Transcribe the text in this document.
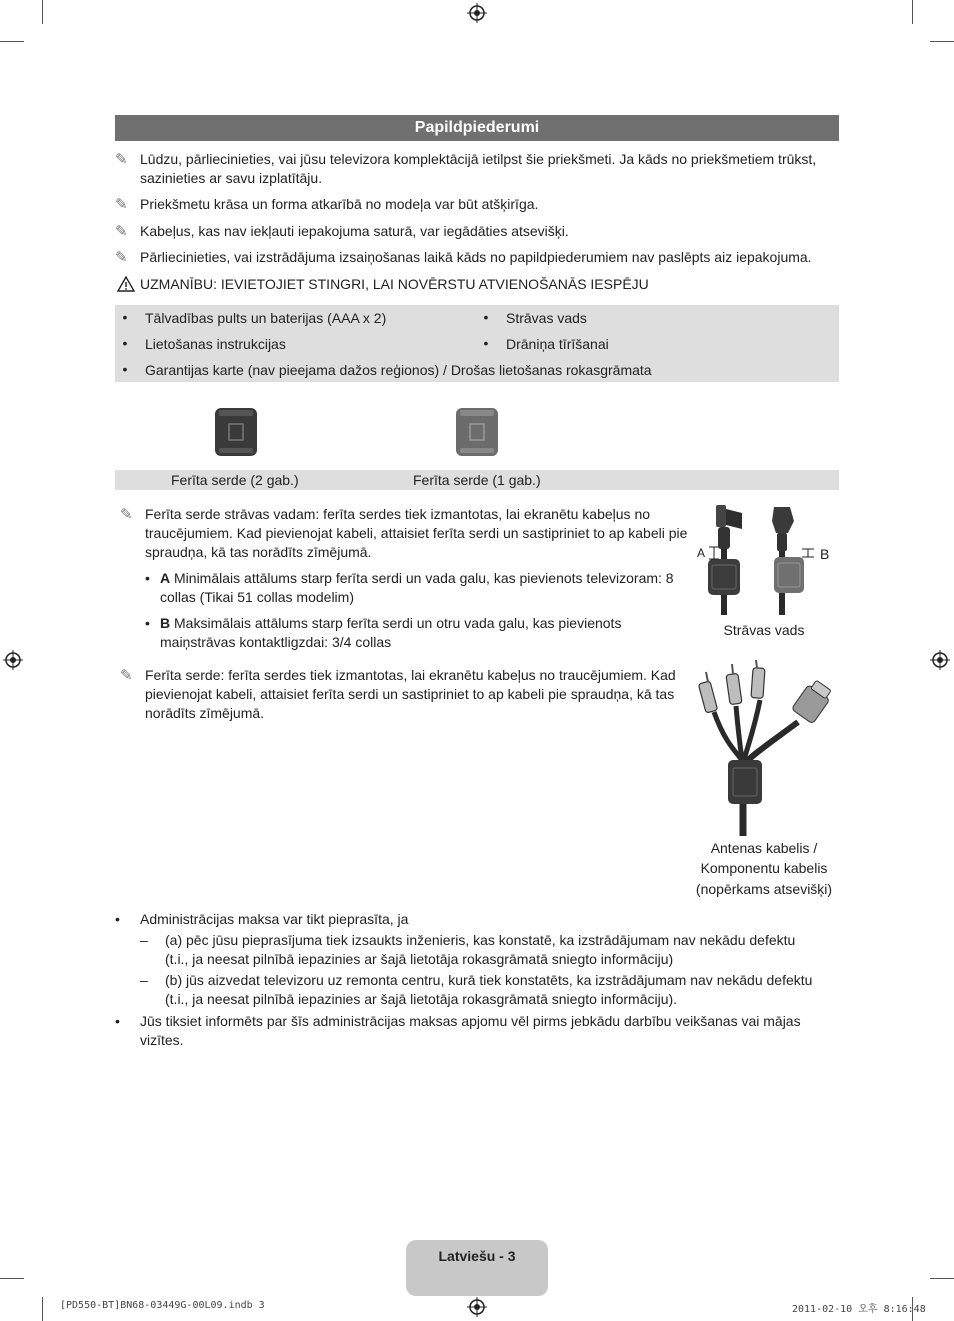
Papildpiederumi
✎ Lūdzu, pārliecinieties, vai jūsu televizora komplektācijā ietilpst šie priekšmeti. Ja kāds no priekšmetiem trūkst, sazinieties ar savu izplatītāju.
✎ Priekšmetu krāsa un forma atkarībā no modeļa var būt atšķirīga.
✎ Kabeļus, kas nav iekļauti iepakojuma saturā, var iegādāties atsevišķi.
✎ Pārliecinieties, vai izstrādājuma izsaiņošanas laikā kāds no papildpiederumiem nav paslēpts aiz iepakojuma.
UZMANĪBU: IEVIETOJIET STINGRI, LAI NOVĒRSTU ATVIENOŠANĀS IESPĒJU
• Tālvadības pults un baterijas (AAA x 2)
• Lietošanas instrukcijas
• Strāvas vads
• Drāniņa tīrīšanai
• Garantijas karte (nav pieejama dažos reģionos) / Drošas lietošanas rokasgrāmata
Ferīta serde (2 gab.)	Ferīta serde (1 gab.)
✎ Ferīta serde strāvas vadam: ferīta serdes tiek izmantotas, lai ekranētu kabeļus no traucējumiem. Kad pievienojat kabeli, attaisiet ferīta serdi un sastipriniet to ap kabeli pie spraudņa, kā tas norādīts zīmējumā.
• A Minimālais attālums starp ferīta serdi un vada galu, kas pievienots televizoram: 8 collas (Tikai 51 collas modelim)
• B Maksimālais attālums starp ferīta serdi un otru vada galu, kas pievienots maiņstrāvas kontaktligzdai: 3/4 collas
✎ Ferīta serde: ferīta serdes tiek izmantotas, lai ekranētu kabeļus no traucējumiem. Kad pievienojat kabeli, attaisiet ferīta serdi un sastipriniet to ap kabeli pie spraudņa, kā tas norādīts zīmējumā.
A	B
Strāvas vads
Antenas kabelis /
Komponentu kabelis
(nopērkams atsevišķi)
• Administrācijas maksa var tikt pieprasīta, ja
– (a) pēc jūsu pieprasījuma tiek izsaukts inženieris, kas konstatē, ka izstrādājumam nav nekādu defektu
(t.i., ja neesat pilnībā iepazinies ar šajā lietotāja rokasgrāmatā sniegto informāciju)
– (b) jūs aizvedat televizoru uz remonta centru, kurā tiek konstatēts, ka izstrādājumam nav nekādu defektu
(t.i., ja neesat pilnībā iepazinies ar šajā lietotāja rokasgrāmatā sniegto informāciju).
• Jūs tiksiet informēts par šīs administrācijas maksas apjomu vēl pirms jebkādu darbību veikšanas vai mājas
vizītes.
Latviešu - 3
[PD550-BT]BN68-03449G-00L09.indb 3	2011-02-10 오후 8:16:48
